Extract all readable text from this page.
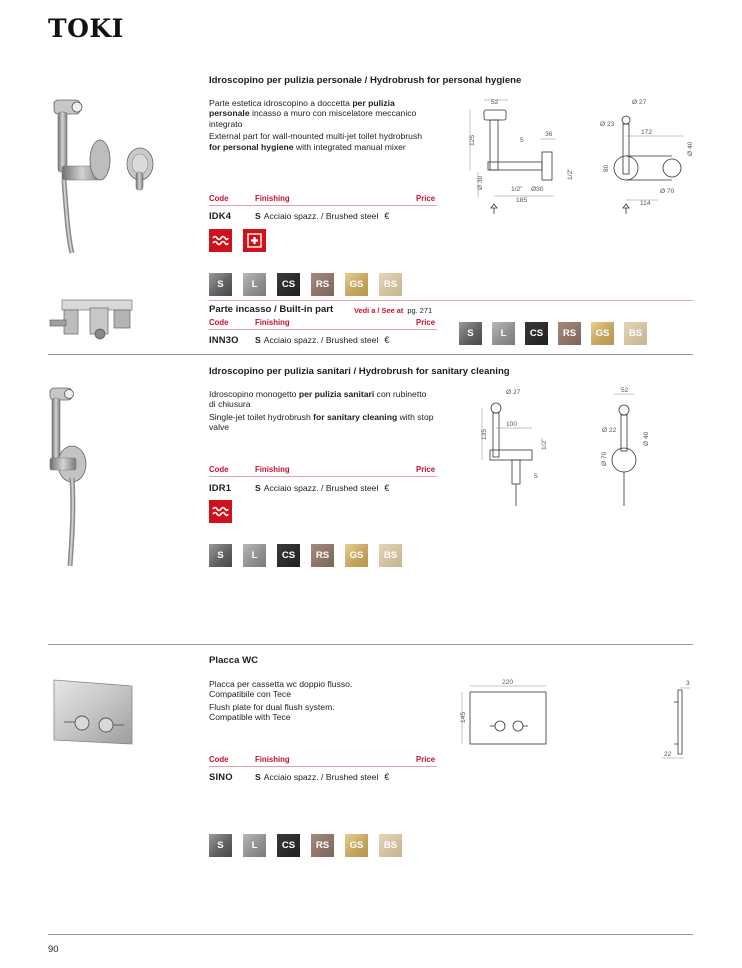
TOKI
Idroscopino per pulizia personale / Hydrobrush for personal hygiene

Parte estetica idroscopino a doccetta per pulizia personale incasso a muro con miscelatore meccanico integrato

External part for wall-mounted multi-jet toilet hydrobrush for personal hygiene with integrated manual mixer

52
125	5
36
Ø 30	1/2" Ø30
1/2"
185
Ø 27
Ø 23
172
80
Ø 40
Ø 70
114
Code	Finishing	Price
IDK4	S Acciaio spazz. / Brushed steel €
S	L	CS	RS	GS	BS
Parte incasso / Built-in part	Vedi a / See at pg. 271
Code	Finishing	Price
INN3O S Acciaio spazz. / Brushed steel €
S	L	CS	RS	GS	BS
Idroscopino per pulizia sanitari / Hydrobrush for sanitary cleaning

Idroscopino monogetto per pulizia sanitari con rubinetto di chiusura

Single-jet toilet hydrobrush for sanitary cleaning with stop valve

Ø 27
100
135
1/2"
5
52
Ø 22
Ø 40
Ø 70
Code	Finishing	Price
IDR1	S Acciaio spazz. / Brushed steel €
S	L	CS	RS	GS	BS
Placca WC

Placca per cassetta wc doppio flusso.
Compatibile con Tece

Flush plate for dual flush system.
Compatible with Tece

220
145
3
22
Code	Finishing	Price
SINO	S Acciaio spazz. / Brushed steel €
S	L	CS	RS	GS	BS
90
